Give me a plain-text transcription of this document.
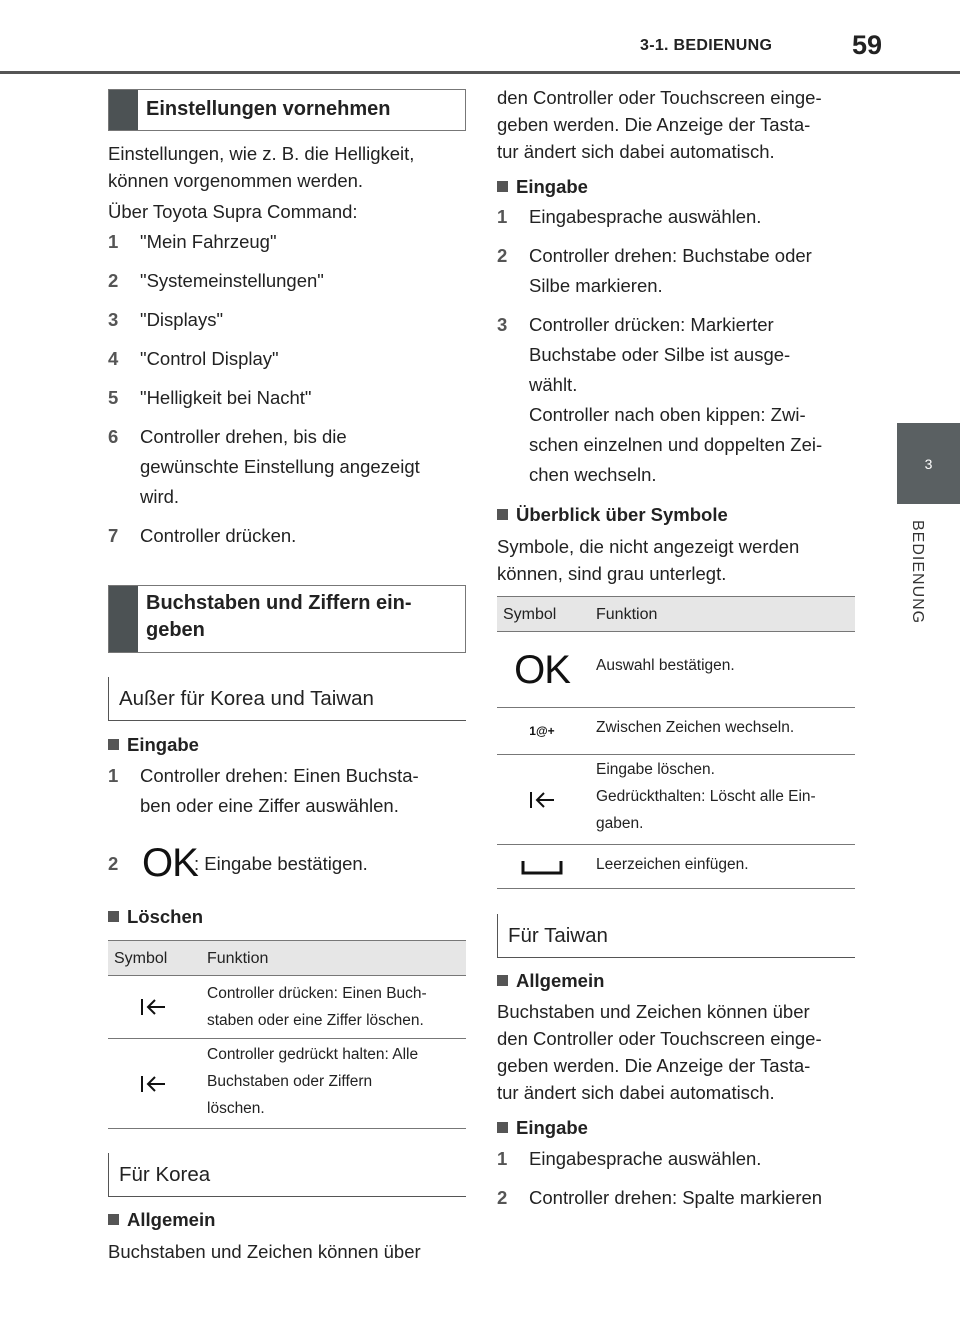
3-1. BEDIENUNG	59
3
BEDIENUNG
Einstellungen vornehmen
Einstellungen, wie z. B. die Helligkeit, können vorgenommen werden.
Über Toyota Supra Command:
1 "Mein Fahrzeug"
2 "Systemeinstellungen"
3 "Displays"
4 "Control Display"
5 "Helligkeit bei Nacht"
6 Controller drehen, bis die
gewünschte Einstellung angezeigt
wird.
7 Controller drücken.
Buchstaben und Ziffern ein-
geben
Außer für Korea und Taiwan
Eingabe
1 Controller drehen: Einen Buchsta-
ben oder eine Ziffer auswählen.
2 OK
: Eingabe bestätigen.
Löschen
Symbol Funktion
Controller drücken: Einen Buch-
staben oder eine Ziffer löschen.
Controller gedrückt halten: Alle
Buchstaben oder Ziffern
löschen.
Für Korea
Allgemein
Buchstaben und Zeichen können über
den Controller oder Touchscreen einge-
geben werden. Die Anzeige der Tasta-
tur ändert sich dabei automatisch.
Eingabe
1 Eingabesprache auswählen.
2 Controller drehen: Buchstabe oder
Silbe markieren.
3 Controller drücken: Markierter
Buchstabe oder Silbe ist ausge-
wählt.
Controller nach oben kippen: Zwi-
schen einzelnen und doppelten Zei-
chen wechseln.
Überblick über Symbole
Symbole, die nicht angezeigt werden
können, sind grau unterlegt.
Symbol Funktion
OK Auswahl bestätigen.
1@+	Zwischen Zeichen wechseln.
Eingabe löschen.
Gedrückthalten: Löscht alle Ein-
gaben.
Leerzeichen einfügen.
Für Taiwan
Allgemein
Buchstaben und Zeichen können über
den Controller oder Touchscreen einge-
geben werden. Die Anzeige der Tasta-
tur ändert sich dabei automatisch.
Eingabe
1 Eingabesprache auswählen.
2 Controller drehen: Spalte markieren
